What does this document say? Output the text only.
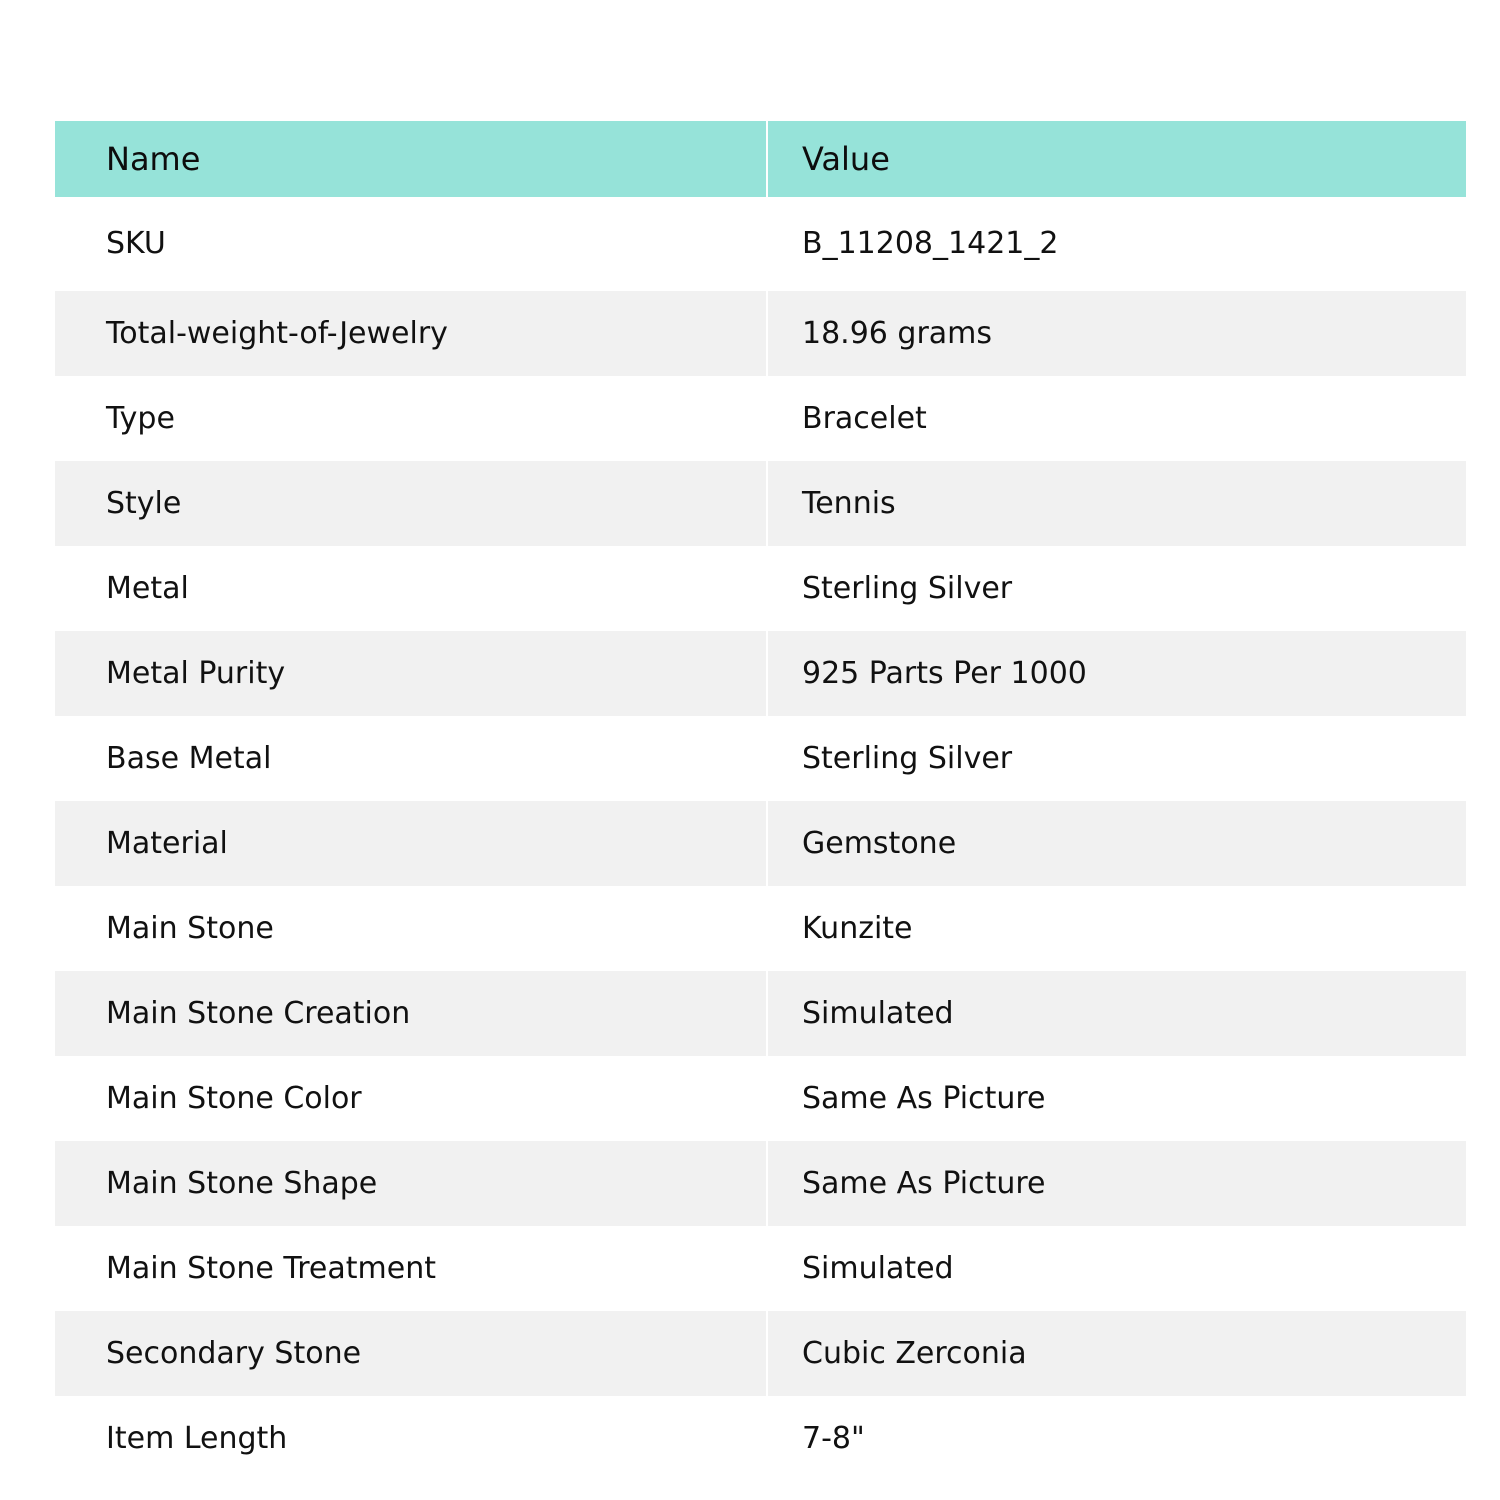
Name	Value
SKU	B_11208_1421_2
Total-weight-of-Jewelry	18.96 grams
Type	Bracelet
Style	Tennis
Metal	Sterling Silver
Metal Purity	925 Parts Per 1000
Base Metal	Sterling Silver
Material	Gemstone
Main Stone	Kunzite
Main Stone Creation	Simulated
Main Stone Color	Same As Picture
Main Stone Shape	Same As Picture
Main Stone Treatment	Simulated
Secondary Stone	Cubic Zerconia
Item Length	7-8"
